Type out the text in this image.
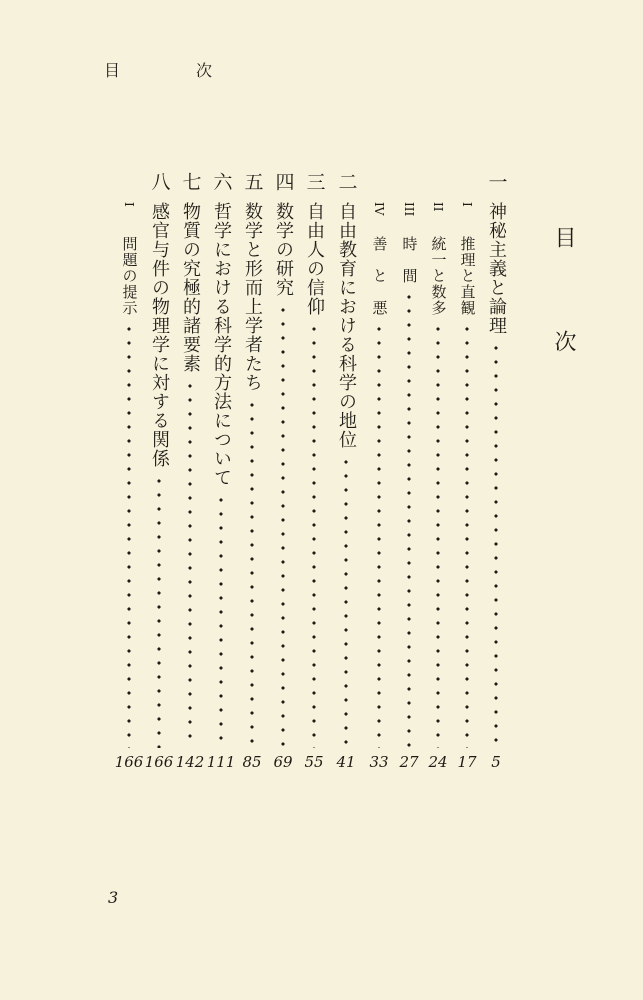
目　次
目　次
一
神秘主義と論理
5
I
推理と直観
17
II
統一と数多
24
III
時　間
27
IV
善　と　悪
33
二
自由教育における科学の地位
41
三
自由人の信仰
55
四
数学の研究
69
五
数学と形而上学者たち
85
六
哲学における科学的方法について
111
七
物質の究極的諸要素
142
八
感官与件の物理学に対する関係
166
I
問題の提示
166
3
